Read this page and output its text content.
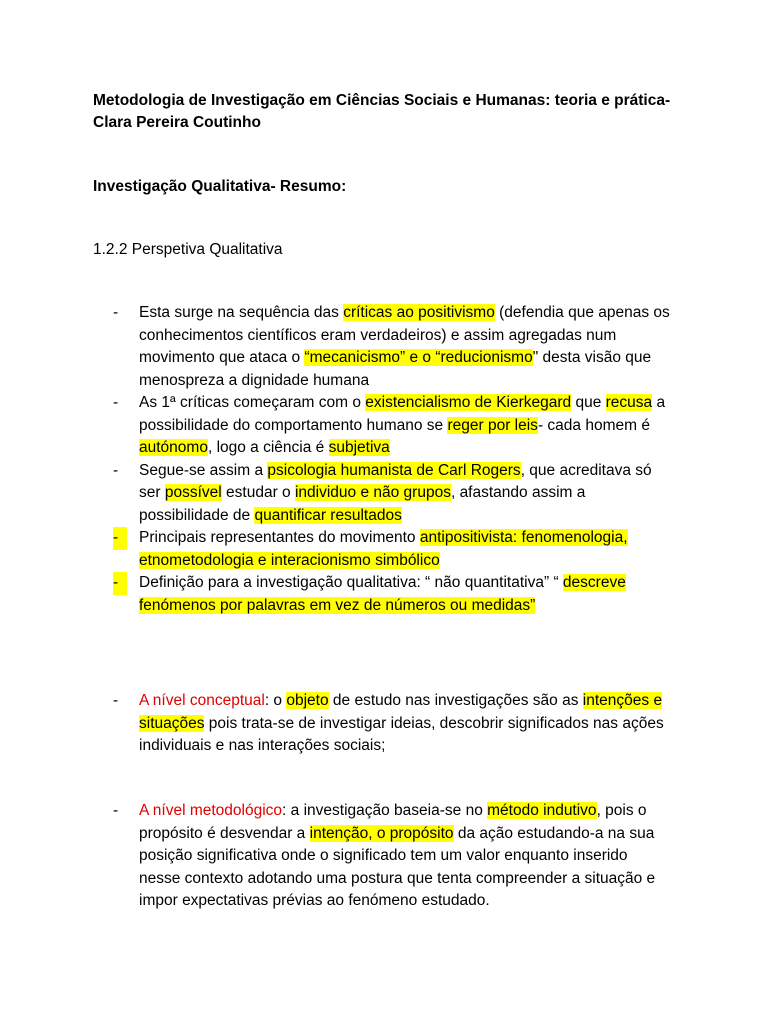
Metodologia de Investigação em Ciências Sociais e Humanas: teoria e prática- Clara Pereira Coutinho

Investigação Qualitativa- Resumo:

1.2.2 Perspetiva Qualitativa

-	Esta surge na sequência das críticas ao positivismo (defendia que apenas os conhecimentos científicos eram verdadeiros) e assim agregadas num movimento que ataca o “mecanicismo” e o “reducionismo" desta visão que menospreza a dignidade humana
-	As 1ª críticas começaram com o existencialismo de Kierkegard que recusa a possibilidade do comportamento humano se reger por leis- cada homem é autónomo, logo a ciência é subjetiva
-	Segue-se assim a psicologia humanista de Carl Rogers, que acreditava só ser possível estudar o individuo e não grupos, afastando assim a possibilidade de quantificar resultados
-	Principais representantes do movimento antipositivista: fenomenologia, etnometodologia e interacionismo simbólico
-	Definição para a investigação qualitativa: “ não quantitativa” “ descreve fenómenos por palavras em vez de números ou medidas”
-	A nível conceptual: o objeto de estudo nas investigações são as intenções e situações pois trata-se de investigar ideias, descobrir significados nas ações individuais e nas interações sociais;
-	A nível metodológico: a investigação baseia-se no método indutivo, pois o propósito é desvendar a intenção, o propósito da ação estudando-a na sua posição significativa onde o significado tem um valor enquanto inserido nesse contexto adotando uma postura que tenta compreender a situação e impor expectativas prévias ao fenómeno estudado.
